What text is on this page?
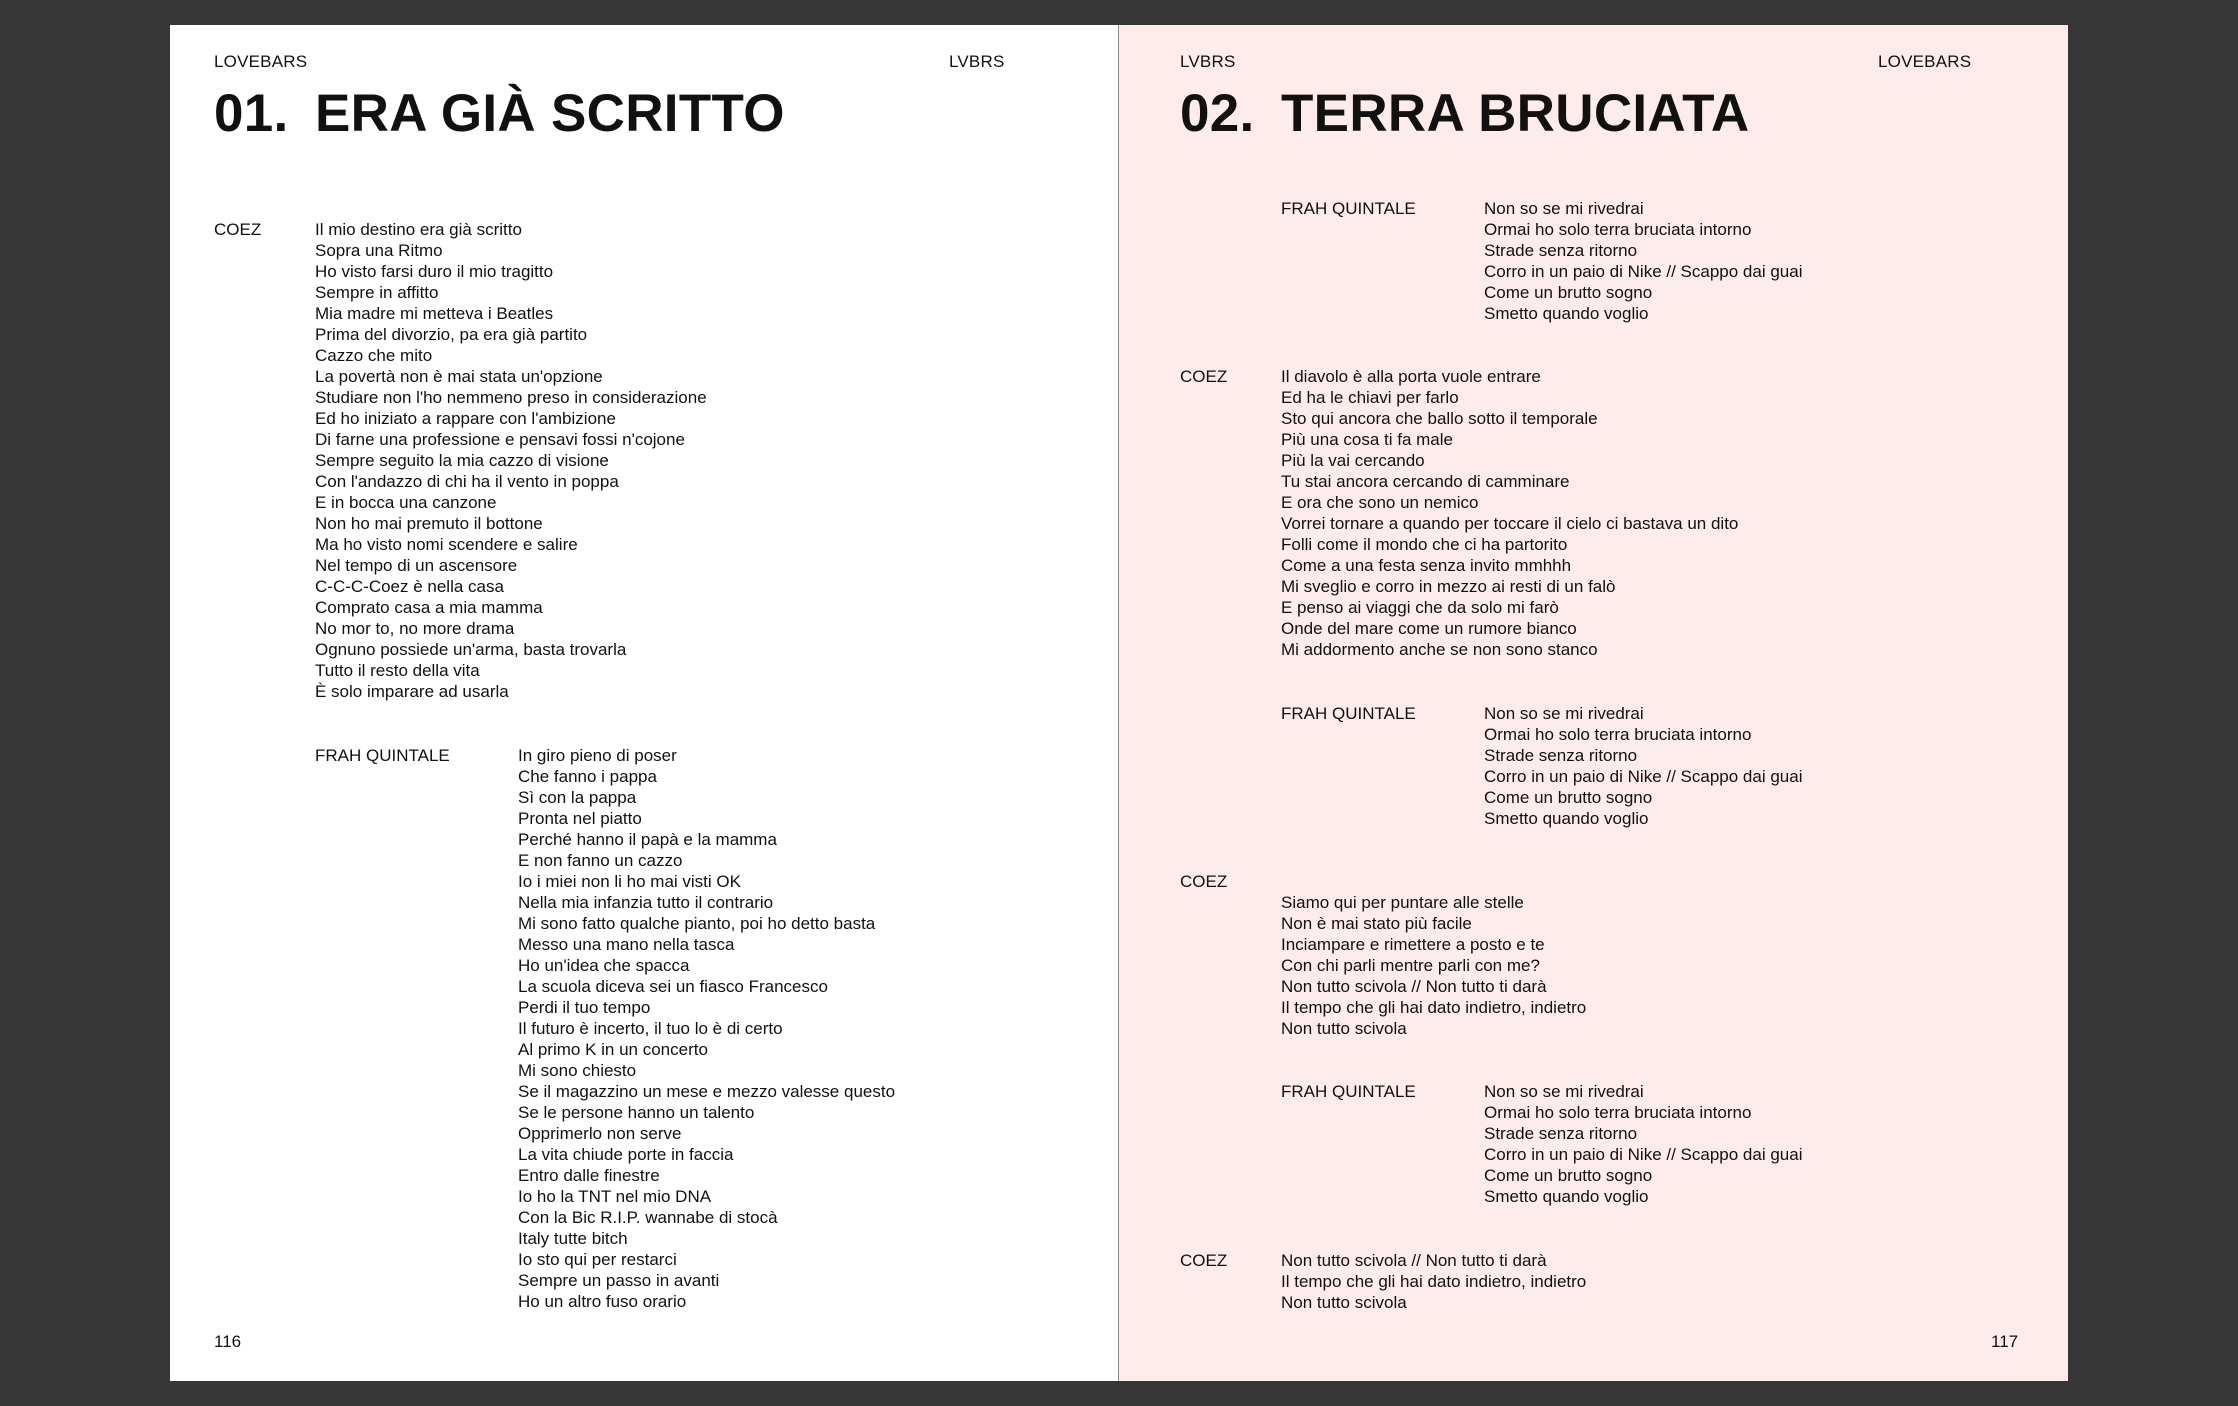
LOVEBARS	LVBRS
01. ERA GIÀ SCRITTO
COEZ	Il mio destino era già scritto
Sopra una Ritmo
Ho visto farsi duro il mio tragitto
Sempre in affitto
Mia madre mi metteva i Beatles
Prima del divorzio, pa era già partito
Cazzo che mito
La povertà non è mai stata un'opzione
Studiare non l'ho nemmeno preso in considerazione
Ed ho iniziato a rappare con l'ambizione
Di farne una professione e pensavi fossi n'cojone
Sempre seguito la mia cazzo di visione
Con l'andazzo di chi ha il vento in poppa
E in bocca una canzone
Non ho mai premuto il bottone
Ma ho visto nomi scendere e salire
Nel tempo di un ascensore
C-C-C-Coez è nella casa
Comprato casa a mia mamma
No mor to, no more drama
Ognuno possiede un'arma, basta trovarla
Tutto il resto della vita
È solo imparare ad usarla
FRAH QUINTALE	In giro pieno di poser
Che fanno i pappa
Sì con la pappa
Pronta nel piatto
Perché hanno il papà e la mamma
E non fanno un cazzo
Io i miei non li ho mai visti OK
Nella mia infanzia tutto il contrario
Mi sono fatto qualche pianto, poi ho detto basta
Messo una mano nella tasca
Ho un'idea che spacca
La scuola diceva sei un fiasco Francesco
Perdi il tuo tempo
Il futuro è incerto, il tuo lo è di certo
Al primo K in un concerto
Mi sono chiesto
Se il magazzino un mese e mezzo valesse questo
Se le persone hanno un talento
Opprimerlo non serve
La vita chiude porte in faccia
Entro dalle finestre
Io ho la TNT nel mio DNA
Con la Bic R.I.P. wannabe di stocà
Italy tutte bitch
Io sto qui per restarci
Sempre un passo in avanti
Ho un altro fuso orario
116
LVBRS	LOVEBARS
02. TERRA BRUCIATA
FRAH QUINTALE	Non so se mi rivedrai
Ormai ho solo terra bruciata intorno
Strade senza ritorno
Corro in un paio di Nike // Scappo dai guai
Come un brutto sogno
Smetto quando voglio
COEZ	Il diavolo è alla porta vuole entrare
Ed ha le chiavi per farlo
Sto qui ancora che ballo sotto il temporale
Più una cosa ti fa male
Più la vai cercando
Tu stai ancora cercando di camminare
E ora che sono un nemico
Vorrei tornare a quando per toccare il cielo ci bastava un dito
Folli come il mondo che ci ha partorito
Come a una festa senza invito mmhhh
Mi sveglio e corro in mezzo ai resti di un falò
E penso ai viaggi che da solo mi farò
Onde del mare come un rumore bianco
Mi addormento anche se non sono stanco
FRAH QUINTALE	Non so se mi rivedrai
Ormai ho solo terra bruciata intorno
Strade senza ritorno
Corro in un paio di Nike // Scappo dai guai
Come un brutto sogno
Smetto quando voglio
COEZ

Siamo qui per puntare alle stelle
Non è mai stato più facile
Inciampare e rimettere a posto e te
Con chi parli mentre parli con me?
Non tutto scivola // Non tutto ti darà
Il tempo che gli hai dato indietro, indietro
Non tutto scivola
FRAH QUINTALE	Non so se mi rivedrai
Ormai ho solo terra bruciata intorno
Strade senza ritorno
Corro in un paio di Nike // Scappo dai guai
Come un brutto sogno
Smetto quando voglio
COEZ	Non tutto scivola // Non tutto ti darà
Il tempo che gli hai dato indietro, indietro
Non tutto scivola
117
